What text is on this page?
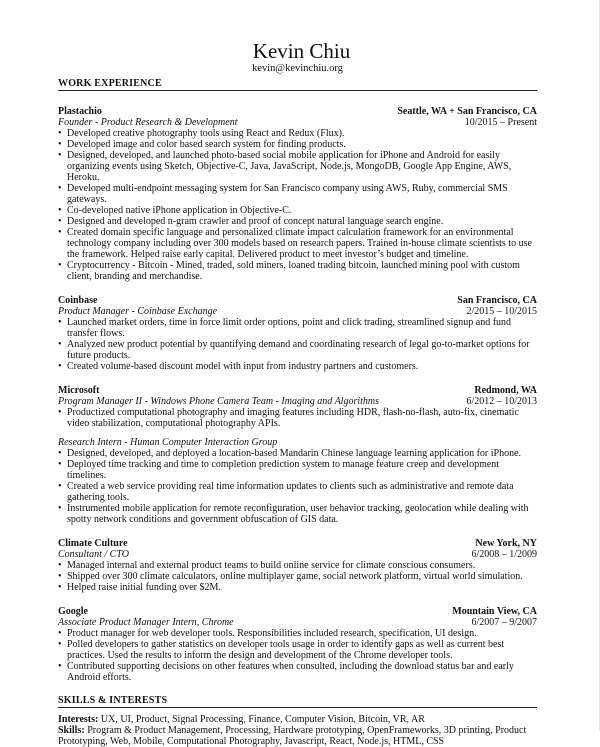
Kevin Chiu
kevin@kevinchiu.org
WORK EXPERIENCE
Plastachio	Seattle, WA + San Francisco, CA
Founder - Product Research & Development	10/2015 – Present
• Developed creative photography tools using React and Redux (Flux).
• Developed image and color based search system for finding products.
• Designed, developed, and launched photo-based social mobile application for iPhone and Android for easily organizing events using Sketch, Objective-C, Java, JavaScript, Node.js, MongoDB, Google App Engine, AWS, Heroku.
• Developed multi-endpoint messaging system for San Francisco company using AWS, Ruby, commercial SMS gateways.
• Co-developed native iPhone application in Objective-C.
• Designed and developed n-gram crawler and proof of concept natural language search engine.
• Created domain specific language and personalized climate impact calculation framework for an environmental technology company including over 300 models based on research papers. Trained in-house climate scientists to use the framework. Helped raise early capital. Delivered product to meet investor’s budget and timeline.
• Cryptocurrency - Bitcoin - Mined, traded, sold miners, loaned trading bitcoin, launched mining pool with custom client, branding and merchandise.
Coinbase	San Francisco, CA
Product Manager - Coinbase Exchange	2/2015 – 10/2015
• Launched market orders, time in force limit order options, point and click trading, streamlined signup and fund transfer flows.
• Analyzed new product potential by quantifying demand and coordinating research of legal go-to-market options for future products.
• Created volume-based discount model with input from industry partners and customers.
Microsoft	Redmond, WA
Program Manager II - Windows Phone Camera Team - Imaging and Algorithms	6/2012 – 10/2013
• Productized computational photography and imaging features including HDR, flash-no-flash, auto-fix, cinematic video stabilization, computational photography APIs.
Research Intern - Human Computer Interaction Group
• Designed, developed, and deployed a location-based Mandarin Chinese language learning application for iPhone.
• Deployed time tracking and time to completion prediction system to manage feature creep and development timelines.
• Created a web service providing real time information updates to clients such as administrative and remote data gathering tools.
• Instrumented mobile application for remote reconfiguration, user behavior tracking, geolocation while dealing with spotty network conditions and government obfuscation of GIS data.
Climate Culture	New York, NY
Consultant / CTO	6/2008 – 1/2009
• Managed internal and external product teams to build online service for climate conscious consumers.
• Shipped over 300 climate calculators, online multiplayer game, social network platform, virtual world simulation.
• Helped raise initial funding over $2M.
Google	Mountain View, CA
Associate Product Manager Intern, Chrome	6/2007 – 9/2007
• Product manager for web developer tools. Responsibilities included research, specification, UI design.
• Polled developers to gather statistics on developer tools usage in order to identify gaps as well as current best practices. Used the results to inform the design and development of the Chrome developer tools.
• Contributed supporting decisions on other features when consulted, including the download status bar and early Android efforts.
SKILLS & INTERESTS
Interests: UX, UI, Product, Signal Processing, Finance, Computer Vision, Bitcoin, VR, AR
Skills: Program & Product Management, Processing, Hardware prototyping, OpenFrameworks, 3D printing, Product Prototyping, Web, Mobile, Computational Photography, Javascript, React, Node.js, HTML, CSS
